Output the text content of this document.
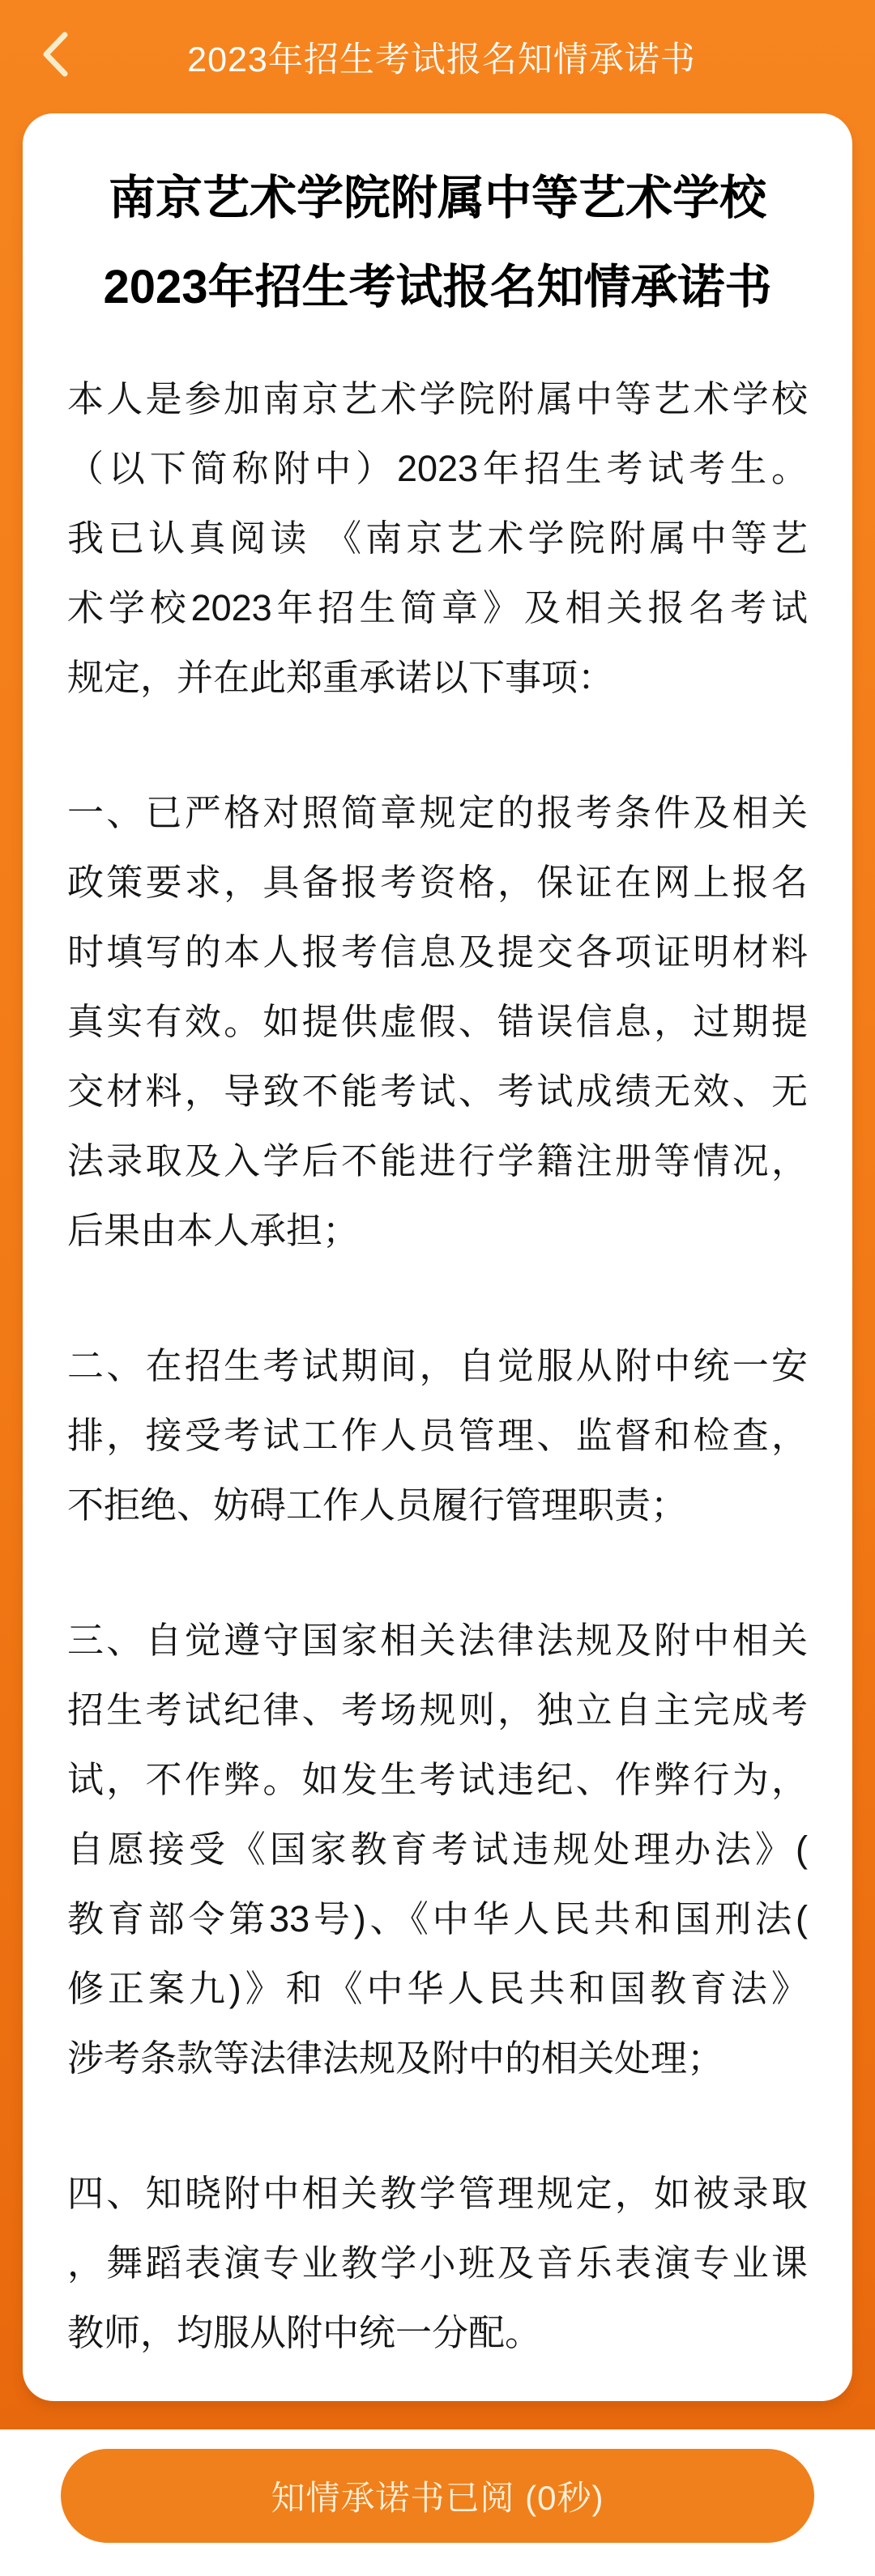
2023年招生考试报名知情承诺书
南京艺术学院附属中等艺术学校
2023年招生考试报名知情承诺书
本人是参加南京艺术学院附属中等艺术学校
（以下简称附中）2023年招生考试考生。
我已认真阅读 《南京艺术学院附属中等艺
术学校2023年招生简章》及相关报名考试
规定，并在此郑重承诺以下事项：
一、已严格对照简章规定的报考条件及相关
政策要求，具备报考资格，保证在网上报名
时填写的本人报考信息及提交各项证明材料
真实有效。如提供虚假、错误信息，过期提
交材料，导致不能考试、考试成绩无效、无
法录取及入学后不能进行学籍注册等情况，
后果由本人承担；
二、在招生考试期间，自觉服从附中统一安
排，接受考试工作人员管理、监督和检查，
不拒绝、妨碍工作人员履行管理职责；
三、自觉遵守国家相关法律法规及附中相关
招生考试纪律、考场规则，独立自主完成考
试，不作弊。如发生考试违纪、作弊行为，
自愿接受《国家教育考试违规处理办法》(
教育部令第33号)、《中华人民共和国刑法(
修正案九)》和《中华人民共和国教育法》
涉考条款等法律法规及附中的相关处理；
四、知晓附中相关教学管理规定，如被录取
，舞蹈表演专业教学小班及音乐表演专业课
教师，均服从附中统一分配。
知情承诺书已阅 (0秒)
